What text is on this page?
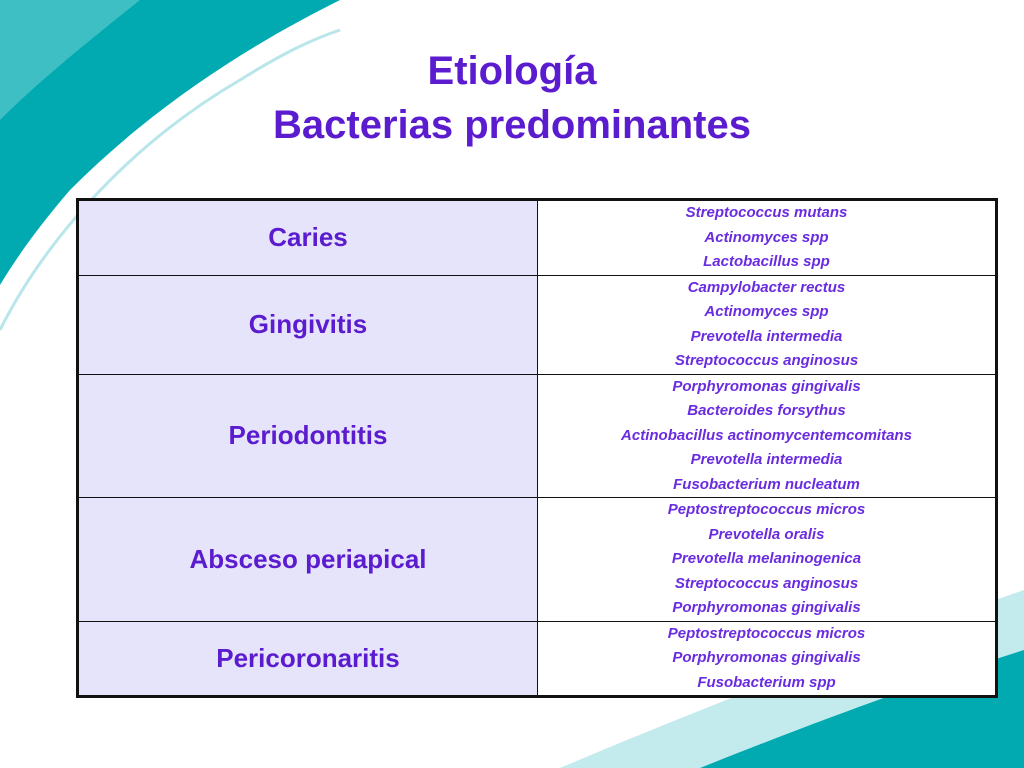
Etiología
Bacterias predominantes
Caries	Streptococcus mutans
Actinomyces spp
Lactobacillus spp

Gingivitis	Campylobacter rectus
Actinomyces spp
Prevotella intermedia
Streptococcus anginosus

Periodontitis	Porphyromonas gingivalis
Bacteroides forsythus
Actinobacillus actinomycentemcomitans
Prevotella intermedia
Fusobacterium nucleatum

Absceso periapical	Peptostreptococcus micros
Prevotella oralis
Prevotella melaninogenica
Streptococcus anginosus
Porphyromonas gingivalis

Pericoronaritis	Peptostreptococcus micros
Porphyromonas gingivalis
Fusobacterium spp
